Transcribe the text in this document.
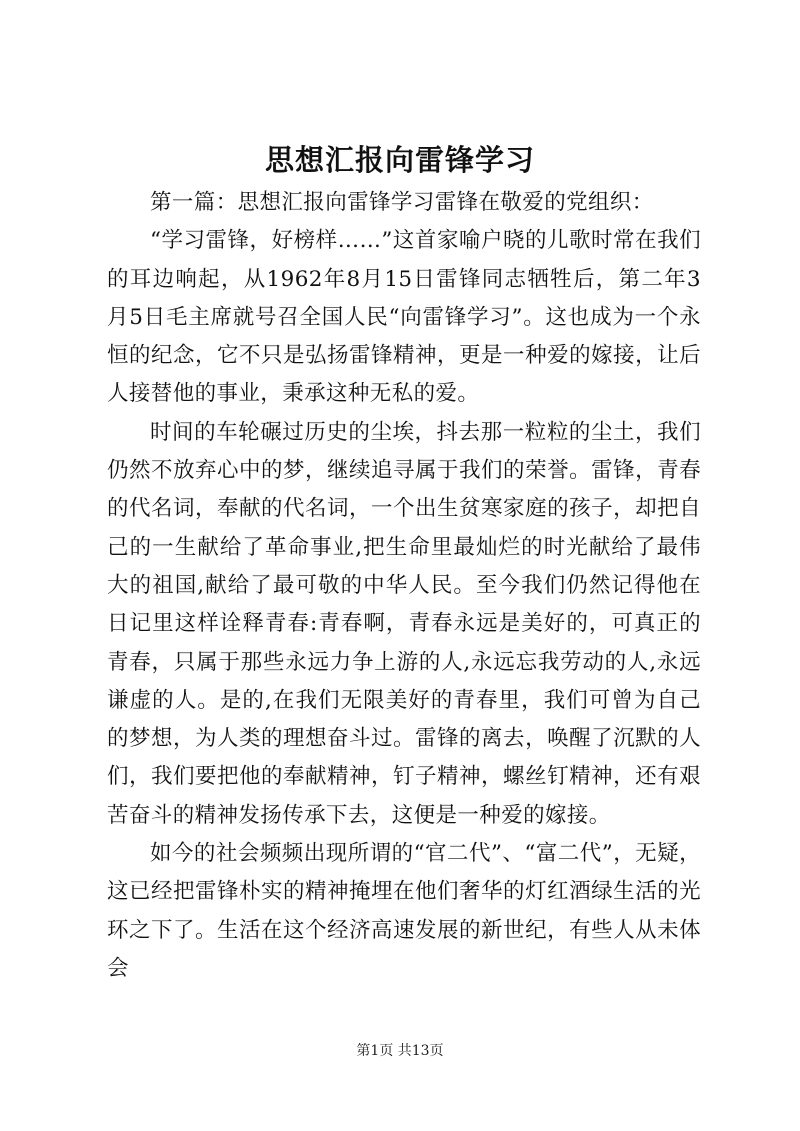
思想汇报向雷锋学习

第一篇：思想汇报向雷锋学习雷锋在敬爱的党组织：

“学习雷锋，好榜样……”这首家喻户晓的儿歌时常在我们的耳边响起，从1962年8月15日雷锋同志牺牲后，第二年3月5日毛主席就号召全国人民“向雷锋学习”。这也成为一个永恒的纪念，它不只是弘扬雷锋精神，更是一种爱的嫁接，让后人接替他的事业，秉承这种无私的爱。

时间的车轮碾过历史的尘埃，抖去那一粒粒的尘土，我们仍然不放弃心中的梦，继续追寻属于我们的荣誉。雷锋，青春的代名词，奉献的代名词，一个出生贫寒家庭的孩子，却把自己的一生献给了革命事业,把生命里最灿烂的时光献给了最伟大的祖国,献给了最可敬的中华人民。至今我们仍然记得他在日记里这样诠释青春:青春啊，青春永远是美好的，可真正的青春，只属于那些永远力争上游的人,永远忘我劳动的人,永远谦虚的人。是的,在我们无限美好的青春里，我们可曾为自己的梦想，为人类的理想奋斗过。雷锋的离去，唤醒了沉默的人们，我们要把他的奉献精神，钉子精神，螺丝钉精神，还有艰苦奋斗的精神发扬传承下去，这便是一种爱的嫁接。

如今的社会频频出现所谓的“官二代”、“富二代”，无疑，这已经把雷锋朴实的精神掩埋在他们奢华的灯红酒绿生活的光环之下了。生活在这个经济高速发展的新世纪，有些人从未体会

第1页 共13页
